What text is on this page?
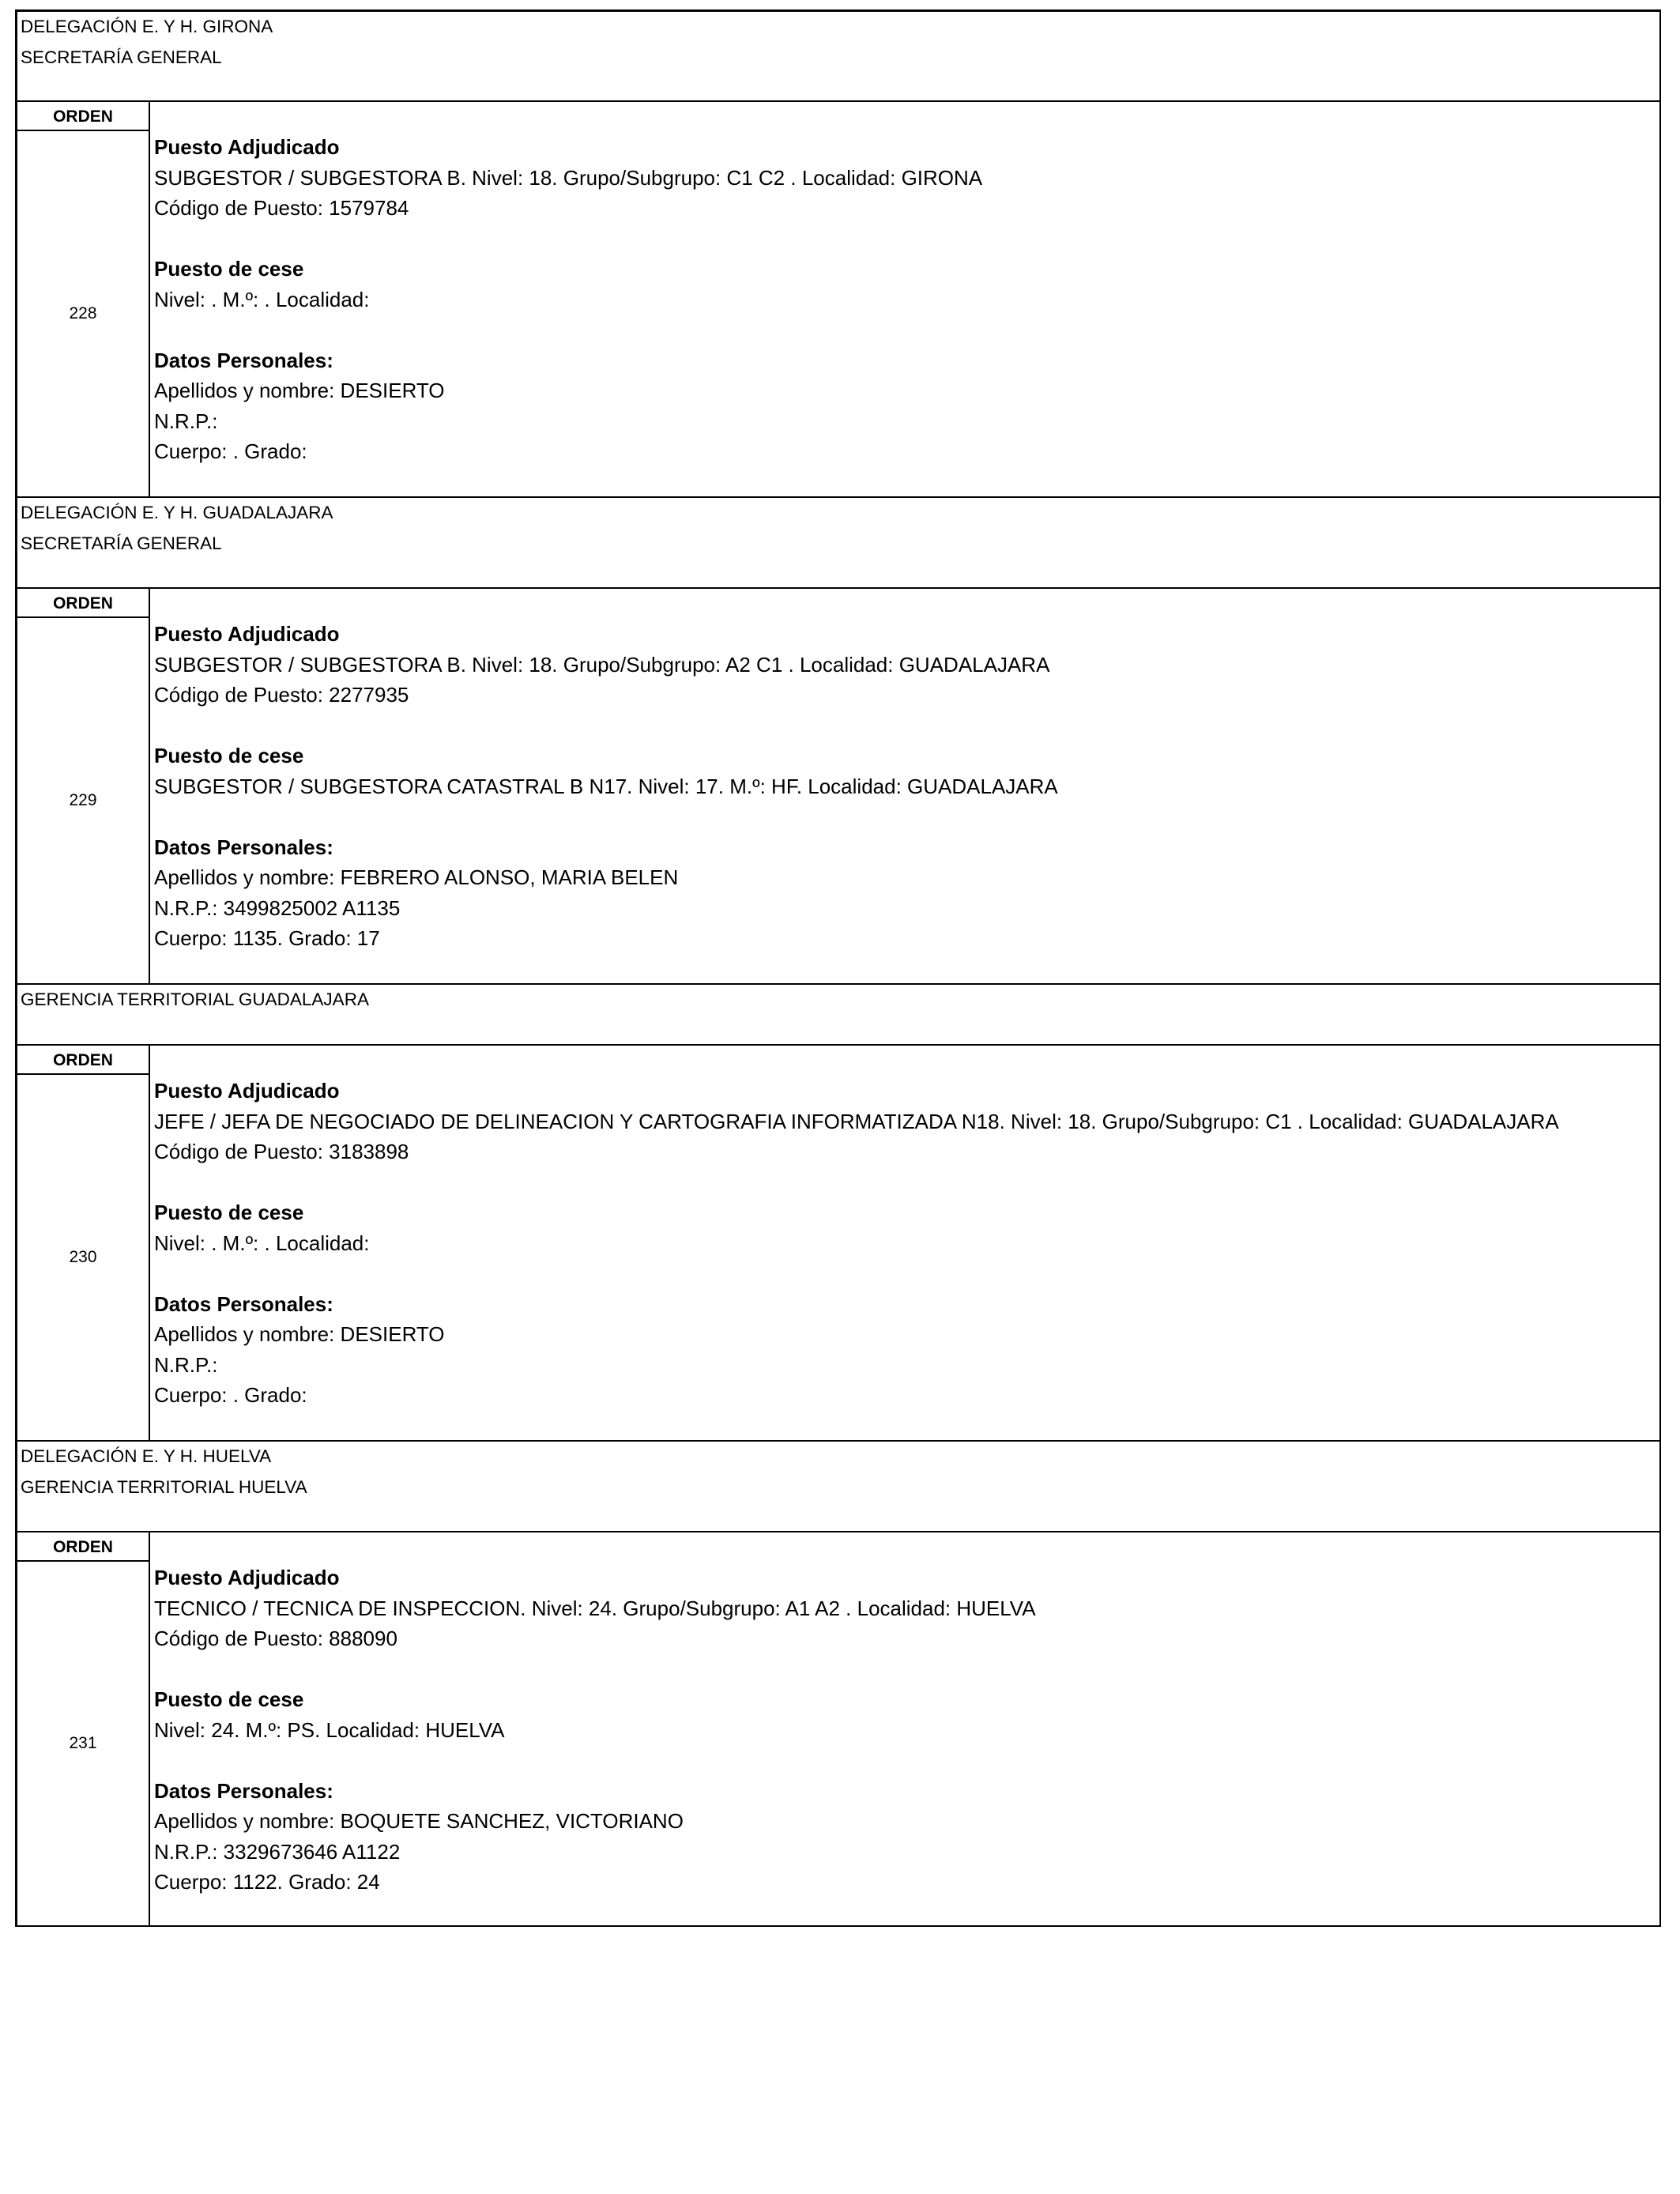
DELEGACIÓN E. Y H. GIRONA
SECRETARÍA GENERAL
ORDEN
228
Puesto Adjudicado
SUBGESTOR / SUBGESTORA B. Nivel: 18. Grupo/Subgrupo: C1 C2 . Localidad: GIRONA
Código de Puesto: 1579784
Puesto de cese
Nivel: . M.º: . Localidad:
Datos Personales:
Apellidos y nombre: DESIERTO
N.R.P.:
Cuerpo: . Grado:
DELEGACIÓN E. Y H. GUADALAJARA
SECRETARÍA GENERAL
ORDEN
229
Puesto Adjudicado
SUBGESTOR / SUBGESTORA B. Nivel: 18. Grupo/Subgrupo: A2 C1 . Localidad: GUADALAJARA
Código de Puesto: 2277935
Puesto de cese
SUBGESTOR / SUBGESTORA CATASTRAL B N17. Nivel: 17. M.º: HF. Localidad: GUADALAJARA
Datos Personales:
Apellidos y nombre: FEBRERO ALONSO, MARIA BELEN
N.R.P.: 3499825002 A1135
Cuerpo: 1135. Grado: 17
GERENCIA TERRITORIAL GUADALAJARA
ORDEN
230
Puesto Adjudicado
JEFE / JEFA DE NEGOCIADO DE DELINEACION Y CARTOGRAFIA INFORMATIZADA N18. Nivel: 18. Grupo/Subgrupo: C1 . Localidad: GUADALAJARA
Código de Puesto: 3183898
Puesto de cese
Nivel: . M.º: . Localidad:
Datos Personales:
Apellidos y nombre: DESIERTO
N.R.P.:
Cuerpo: . Grado:
DELEGACIÓN E. Y H. HUELVA
GERENCIA TERRITORIAL HUELVA
ORDEN
231
Puesto Adjudicado
TECNICO / TECNICA DE INSPECCION. Nivel: 24. Grupo/Subgrupo: A1 A2 . Localidad: HUELVA
Código de Puesto: 888090
Puesto de cese
Nivel: 24. M.º: PS. Localidad: HUELVA
Datos Personales:
Apellidos y nombre: BOQUETE SANCHEZ, VICTORIANO
N.R.P.: 3329673646 A1122
Cuerpo: 1122. Grado: 24
